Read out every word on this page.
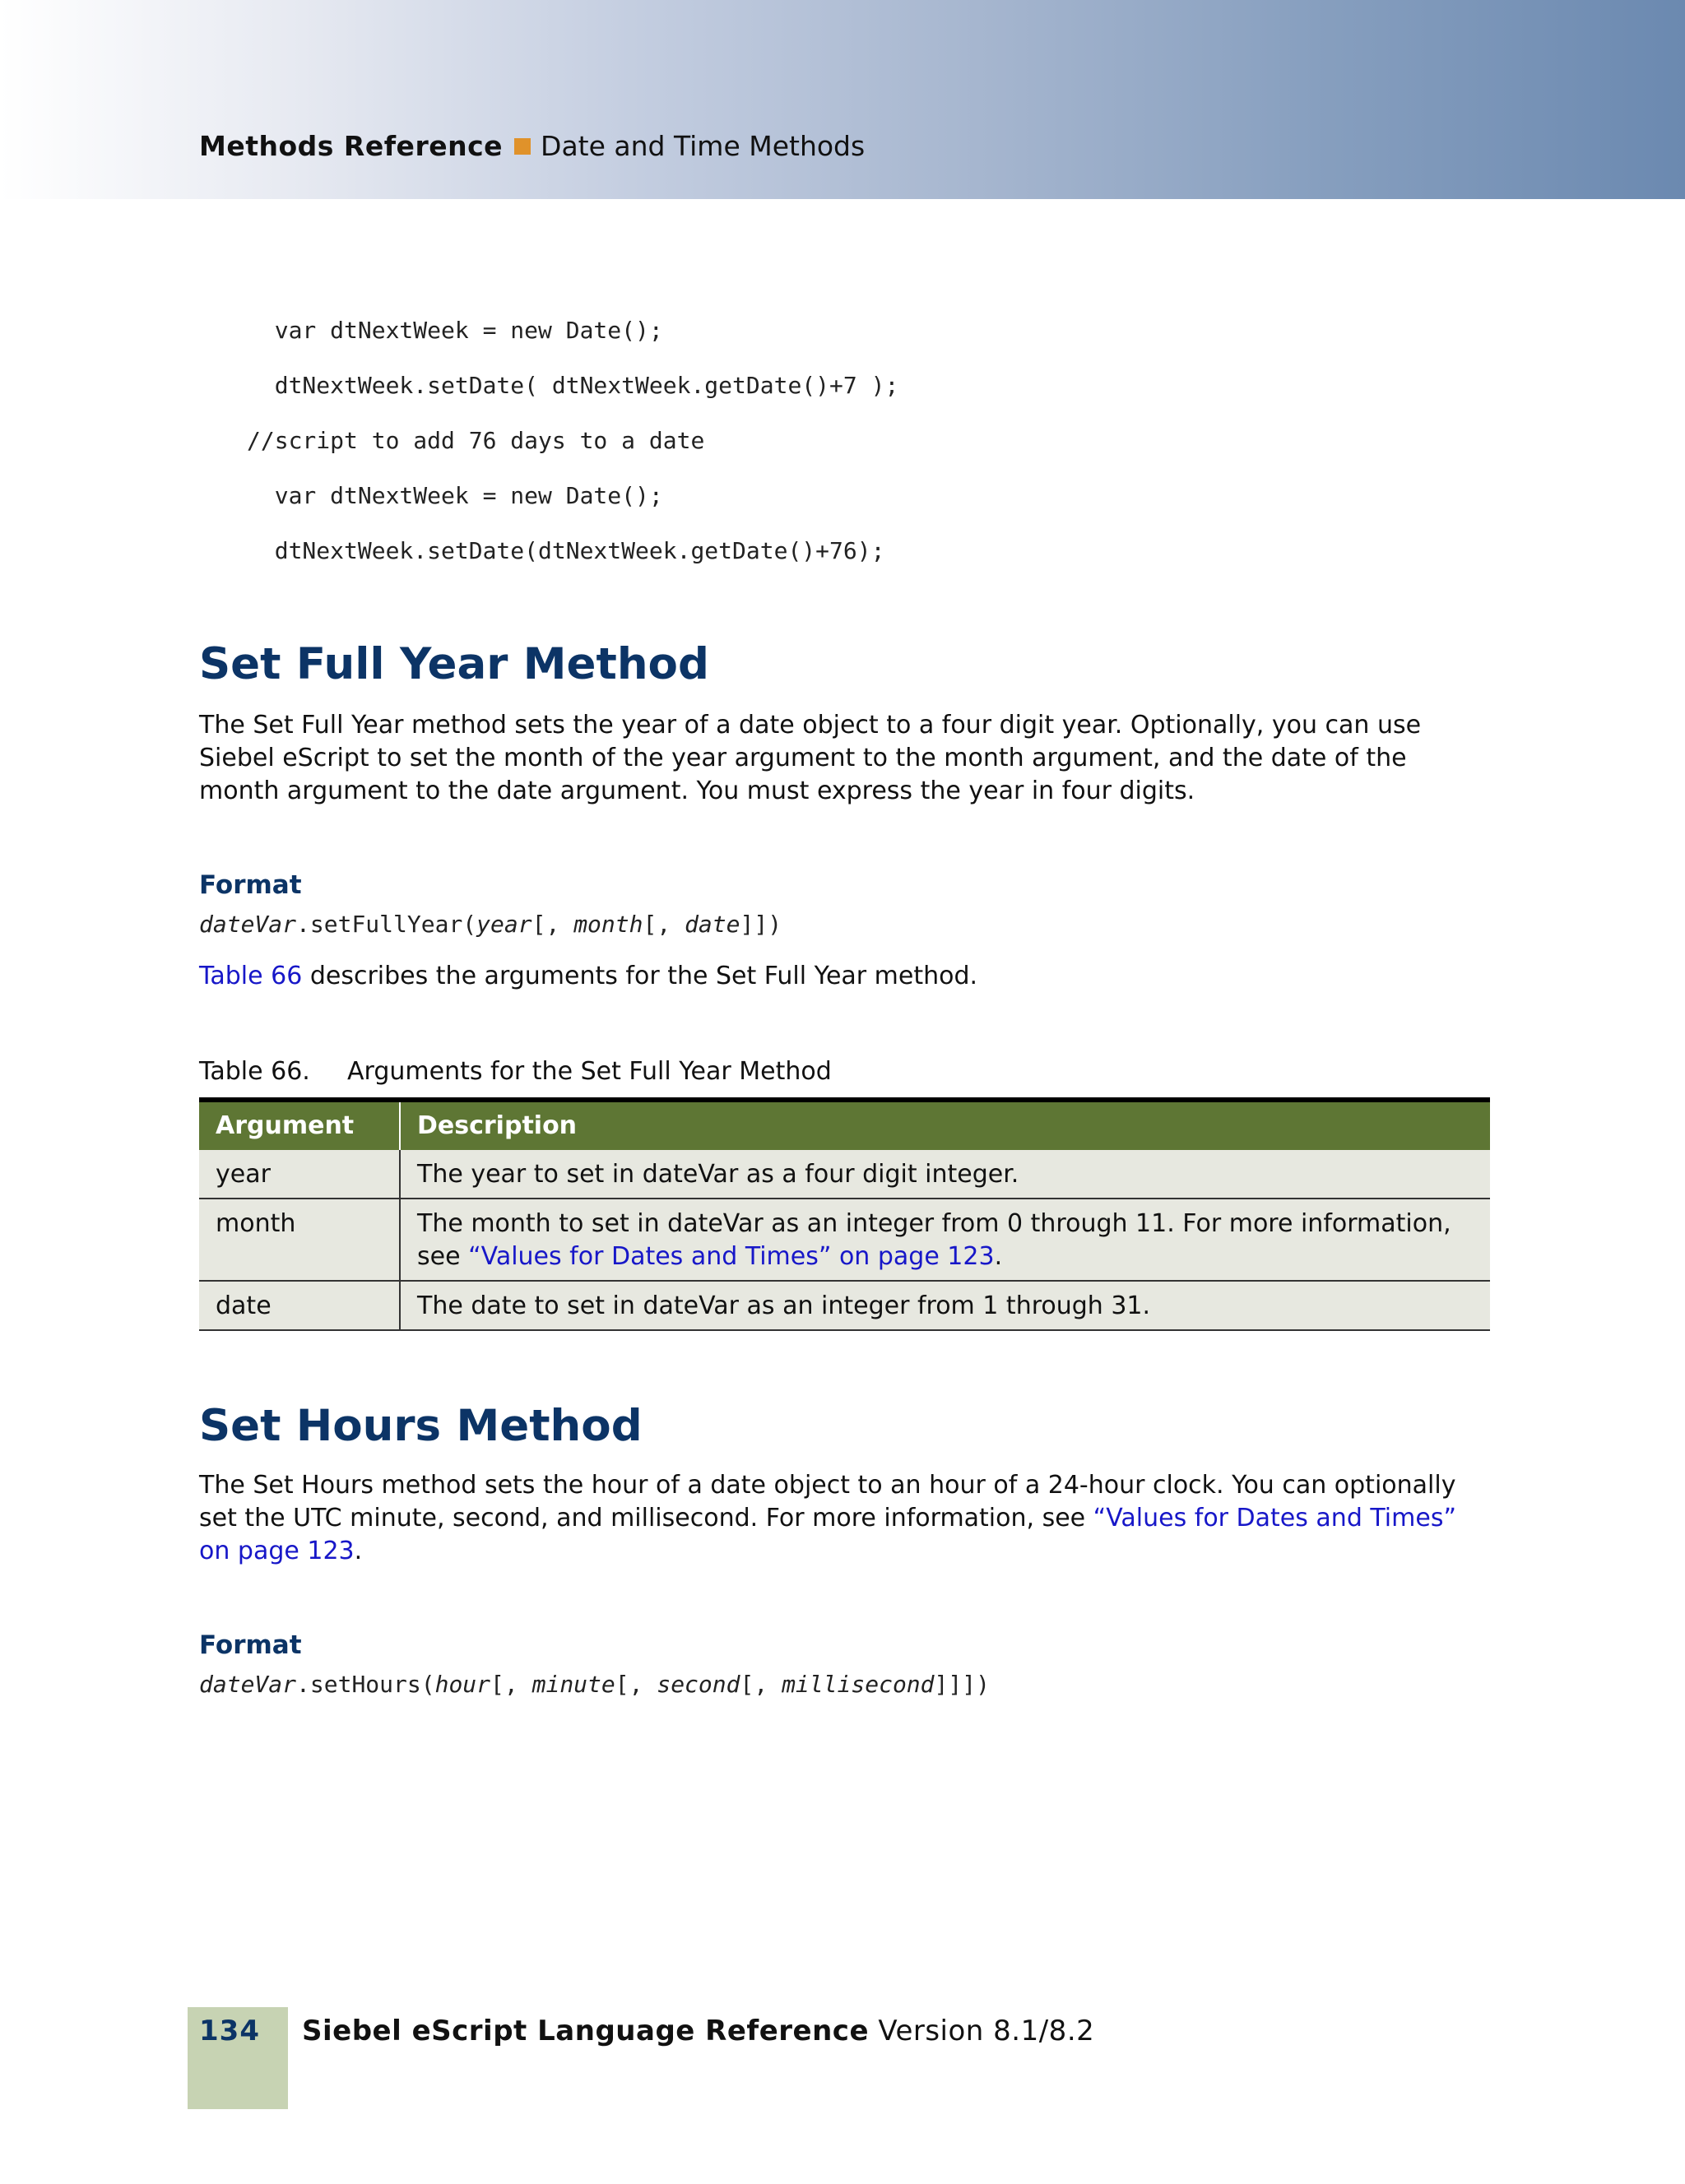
Methods Reference Date and Time Methods
var dtNextWeek = new Date();
dtNextWeek.setDate( dtNextWeek.getDate()+7 );
//script to add 76 days to a date
var dtNextWeek = new Date();
dtNextWeek.setDate(dtNextWeek.getDate()+76);
Set Full Year Method

The Set Full Year method sets the year of a date object to a four digit year. Optionally, you can use Siebel eScript to set the month of the year argument to the month argument, and the date of the month argument to the date argument. You must express the year in four digits.

Format
dateVar.setFullYear(year[, month[, date]])

Table 66 describes the arguments for the Set Full Year method.

Table 66. Arguments for the Set Full Year Method
Argument	Description
year	The year to set in dateVar as a four digit integer.
month	The month to set in dateVar as an integer from 0 through 11. For more information, see “Values for Dates and Times” on page 123.
date	The date to set in dateVar as an integer from 1 through 31.
Set Hours Method

The Set Hours method sets the hour of a date object to an hour of a 24-hour clock. You can optionally set the UTC minute, second, and millisecond. For more information, see “Values for Dates and Times” on page 123.

Format
dateVar.setHours(hour[, minute[, second[, millisecond]]])
134 Siebel eScript Language Reference Version 8.1/8.2
